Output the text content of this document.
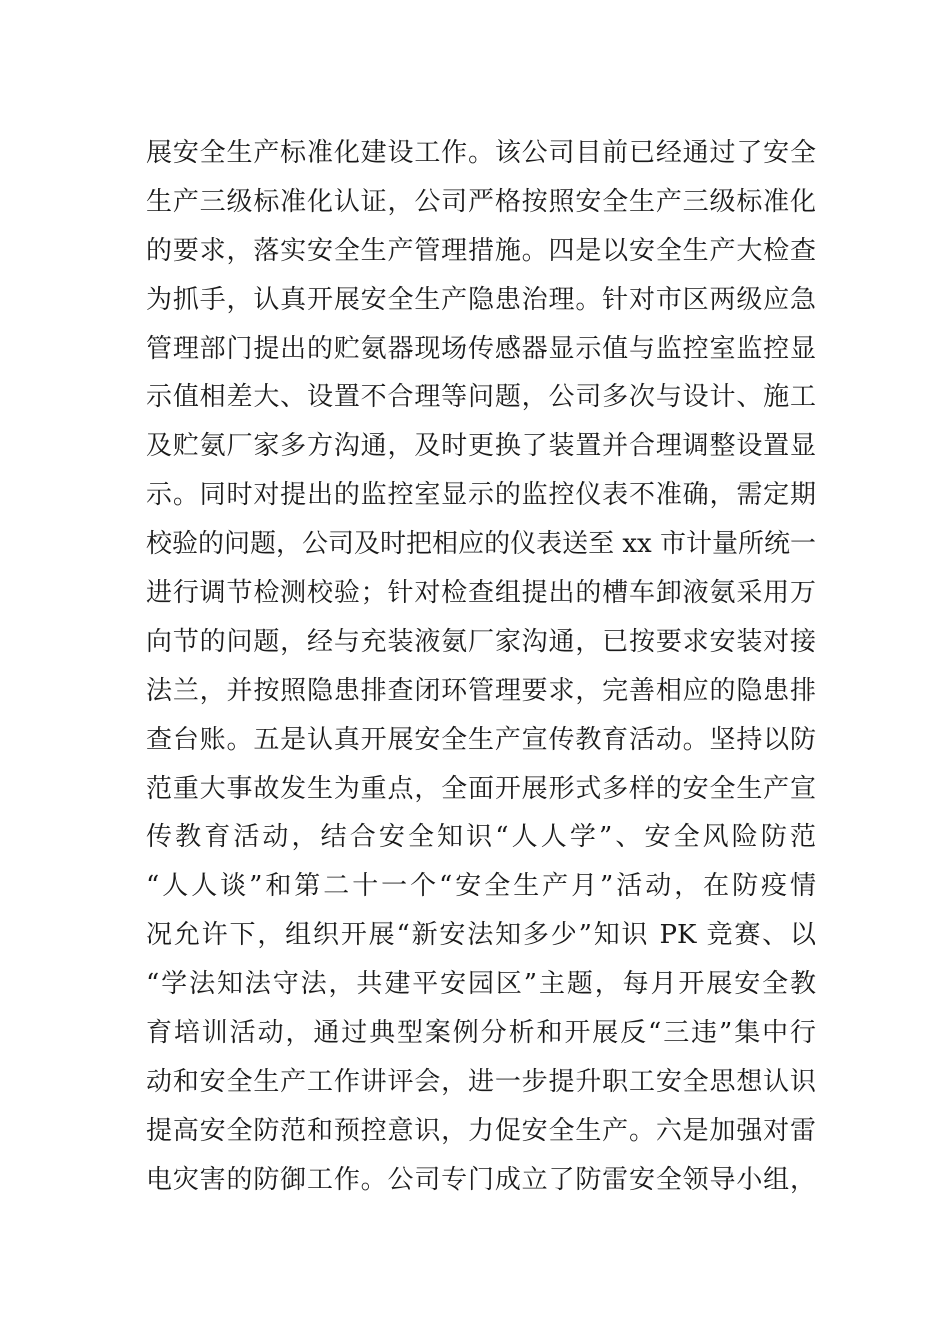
展安全生产标准化建设工作。该公司目前已经通过了安全
生产三级标准化认证，公司严格按照安全生产三级标准化
的要求，落实安全生产管理措施。四是以安全生产大检查
为抓手，认真开展安全生产隐患治理。针对市区两级应急
管理部门提出的贮氨器现场传感器显示值与监控室监控显
示值相差大、设置不合理等问题，公司多次与设计、施工
及贮氨厂家多方沟通，及时更换了装置并合理调整设置显
示。同时对提出的监控室显示的监控仪表不准确，需定期
校验的问题，公司及时把相应的仪表送至 xx 市计量所统一
进行调节检测校验；针对检查组提出的槽车卸液氨采用万
向节的问题，经与充装液氨厂家沟通，已按要求安装对接
法兰，并按照隐患排查闭环管理要求，完善相应的隐患排
查台账。五是认真开展安全生产宣传教育活动。坚持以防
范重大事故发生为重点，全面开展形式多样的安全生产宣
传教育活动，结合安全知识“人人学”、安全风险防范
“人人谈”和第二十一个“安全生产月”活动，在防疫情
况允许下，组织开展“新安法知多少”知识 PK 竞赛、以
“学法知法守法，共建平安园区”主题，每月开展安全教
育培训活动，通过典型案例分析和开展反“三违”集中行
动和安全生产工作讲评会，进一步提升职工安全思想认识
提高安全防范和预控意识，力促安全生产。六是加强对雷
电灾害的防御工作。公司专门成立了防雷安全领导小组，
